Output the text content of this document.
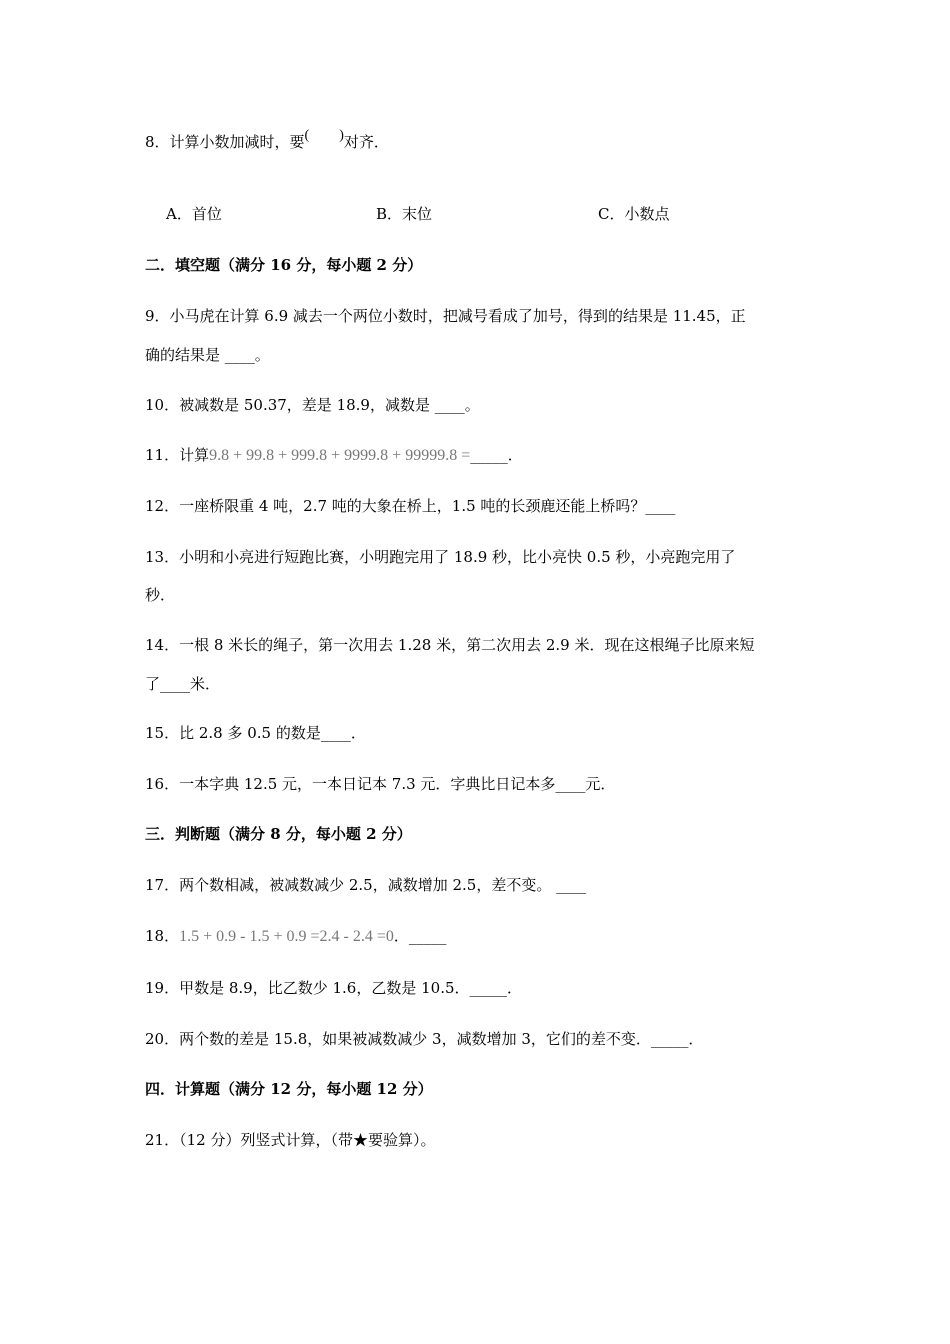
8．计算小数加减时，要( )对齐．
A．首位	B．末位	C．小数点
二．填空题（满分 16 分，每小题 2 分）
9．小马虎在计算 6.9 减去一个两位小数时，把减号看成了加号，得到的结果是 11.45，正
确的结果是 ____。
10．被减数是 50.37，差是 18.9，减数是 ____。
11．计算9.8 + 99.8 + 999.8 + 9999.8 + 99999.8 =_____．
12．一座桥限重 4 吨，2.7 吨的大象在桥上，1.5 吨的长颈鹿还能上桥吗？____
13．小明和小亮进行短跑比赛，小明跑完用了 18.9 秒，比小亮快 0.5 秒，小亮跑完用了
秒．
14．一根 8 米长的绳子，第一次用去 1.28 米，第二次用去 2.9 米．现在这根绳子比原来短
了____米．
15．比 2.8 多 0.5 的数是____．
16．一本字典 12.5 元，一本日记本 7.3 元．字典比日记本多____元．
三．判断题（满分 8 分，每小题 2 分）
17．两个数相减，被减数减少 2.5，减数增加 2.5，差不变。 ____
18．1.5 + 0.9 - 1.5 + 0.9 =2.4 - 2.4 =0．_____
19．甲数是 8.9，比乙数少 1.6，乙数是 10.5．_____．
20．两个数的差是 15.8，如果被减数减少 3，减数增加 3，它们的差不变．_____．
四．计算题（满分 12 分，每小题 12 分）
21．（12 分）列竖式计算，（带★要验算）。
